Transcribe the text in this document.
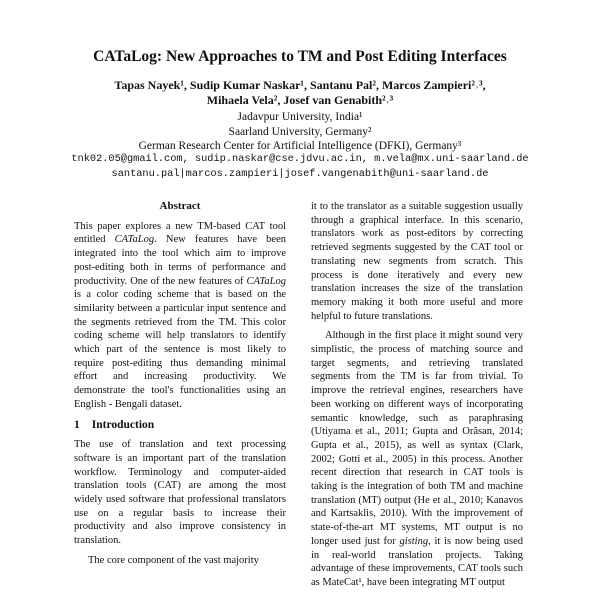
CATaLog: New Approaches to TM and Post Editing Interfaces
Tapas Nayek¹, Sudip Kumar Naskar¹, Santanu Pal², Marcos Zampieri²˒³,
Mihaela Vela², Josef van Genabith²˒³
Jadavpur University, India¹
Saarland University, Germany²
German Research Center for Artificial Intelligence (DFKI), Germany³
tnk02.05@gmail.com, sudip.naskar@cse.jdvu.ac.in, m.vela@mx.uni-saarland.de
santanu.pal|marcos.zampieri|josef.vangenabith@uni-saarland.de
Abstract

This paper explores a new TM-based CAT tool entitled CATaLog. New features have been integrated into the tool which aim to improve post-editing both in terms of performance and productivity. One of the new features of CATaLog is a color coding scheme that is based on the similarity between a particular input sentence and the segments retrieved from the TM. This color coding scheme will help translators to identify which part of the sentence is most likely to require post-editing thus demanding minimal effort and increasing productivity. We demonstrate the tool's functionalities using an English - Bengali dataset.

1 Introduction

The use of translation and text processing software is an important part of the translation workflow. Terminology and computer-aided translation tools (CAT) are among the most widely used software that professional translators use on a regular basis to increase their productivity and also improve consistency in translation.

The core component of the vast majority

it to the translator as a suitable suggestion usually through a graphical interface. In this scenario, translators work as post-editors by correcting retrieved segments suggested by the CAT tool or translating new segments from scratch. This process is done iteratively and every new translation increases the size of the translation memory making it both more useful and more helpful to future translations.

Although in the first place it might sound very simplistic, the process of matching source and target segments, and retrieving translated segments from the TM is far from trivial. To improve the retrieval engines, researchers have been working on different ways of incorporating semantic knowledge, such as paraphrasing (Utiyama et al., 2011; Gupta and Orăsan, 2014; Gupta et al., 2015), as well as syntax (Clark, 2002; Gotti et al., 2005) in this process. Another recent direction that research in CAT tools is taking is the integration of both TM and machine translation (MT) output (He et al., 2010; Kanavos and Kartsaklis, 2010). With the improvement of state-of-the-art MT systems, MT output is no longer used just for gisting, it is now being used in real-world translation projects. Taking advantage of these improvements, CAT tools such as MateCat¹, have been integrating MT output
